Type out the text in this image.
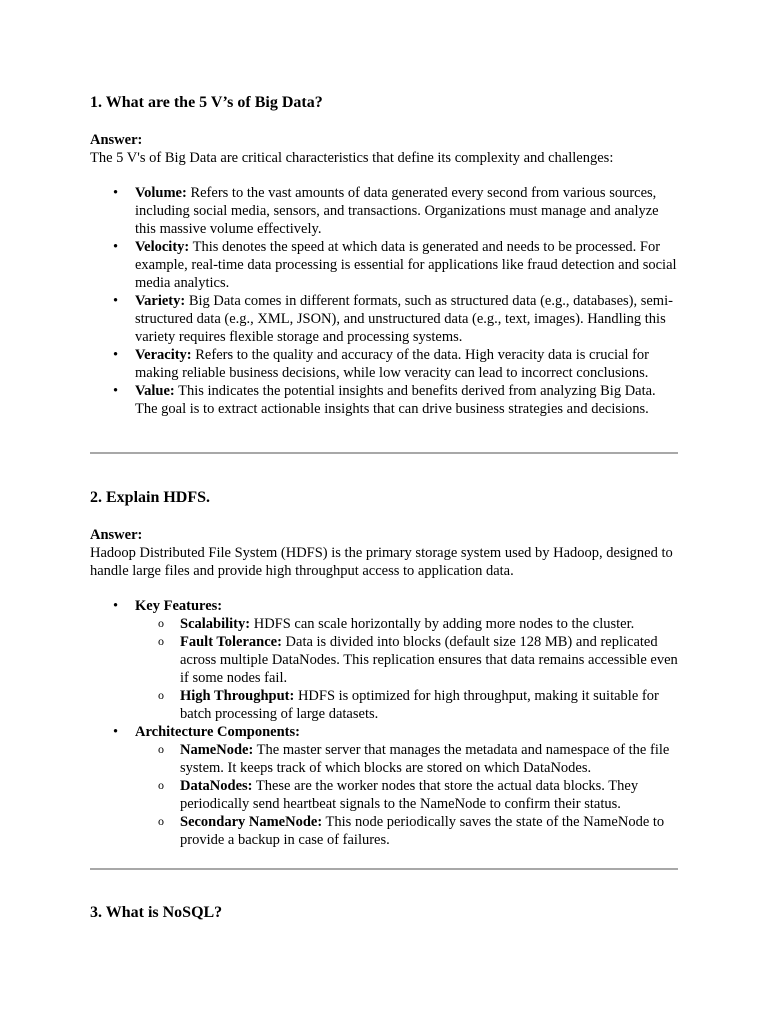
1. What are the 5 V’s of Big Data?
Answer:

The 5 V's of Big Data are critical characteristics that define its complexity and challenges:

• Volume: Refers to the vast amounts of data generated every second from various sources, including social media, sensors, and transactions. Organizations must manage and analyze this massive volume effectively.
• Velocity: This denotes the speed at which data is generated and needs to be processed. For example, real-time data processing is essential for applications like fraud detection and social media analytics.
• Variety: Big Data comes in different formats, such as structured data (e.g., databases), semi-structured data (e.g., XML, JSON), and unstructured data (e.g., text, images). Handling this variety requires flexible storage and processing systems.
• Veracity: Refers to the quality and accuracy of the data. High veracity data is crucial for making reliable business decisions, while low veracity can lead to incorrect conclusions.
• Value: This indicates the potential insights and benefits derived from analyzing Big Data. The goal is to extract actionable insights that can drive business strategies and decisions.
2. Explain HDFS.
Answer:

Hadoop Distributed File System (HDFS) is the primary storage system used by Hadoop, designed to handle large files and provide high throughput access to application data.

• Key Features:
o Scalability: HDFS can scale horizontally by adding more nodes to the cluster.
o Fault Tolerance: Data is divided into blocks (default size 128 MB) and replicated across multiple DataNodes. This replication ensures that data remains accessible even if some nodes fail.
o High Throughput: HDFS is optimized for high throughput, making it suitable for batch processing of large datasets.
• Architecture Components:
o NameNode: The master server that manages the metadata and namespace of the file system. It keeps track of which blocks are stored on which DataNodes.
o DataNodes: These are the worker nodes that store the actual data blocks. They periodically send heartbeat signals to the NameNode to confirm their status.
o Secondary NameNode: This node periodically saves the state of the NameNode to provide a backup in case of failures.
3. What is NoSQL?
